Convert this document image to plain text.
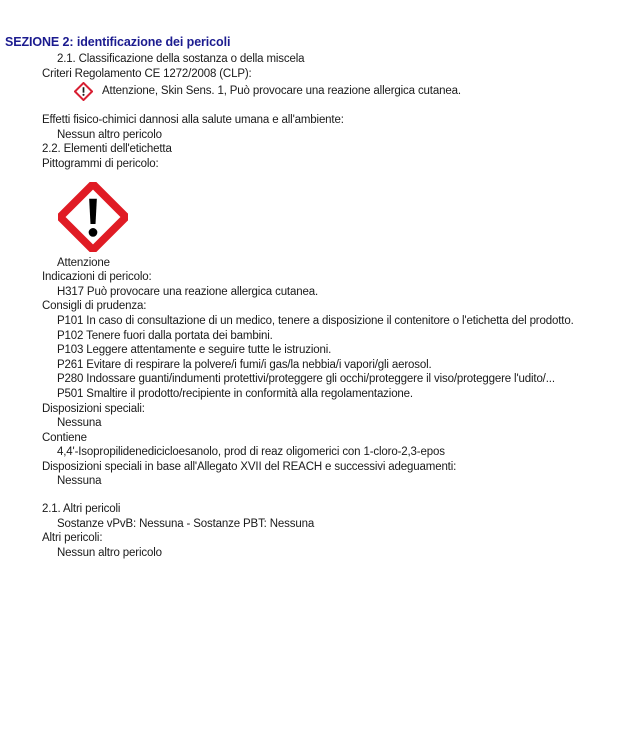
SEZIONE 2: identificazione dei pericoli
2.1. Classificazione della sostanza o della miscela
Criteri Regolamento CE 1272/2008 (CLP):
Attenzione, Skin Sens. 1, Può provocare una reazione allergica cutanea.
Effetti fisico-chimici dannosi alla salute umana e all'ambiente:
Nessun altro pericolo
2.2. Elementi dell'etichetta
Pittogrammi di pericolo:
Attenzione
Indicazioni di pericolo:
H317 Può provocare una reazione allergica cutanea.
Consigli di prudenza:
P101 In caso di consultazione di un medico, tenere a disposizione il contenitore o l'etichetta del prodotto.
P102 Tenere fuori dalla portata dei bambini.
P103 Leggere attentamente e seguire tutte le istruzioni.
P261 Evitare di respirare la polvere/i fumi/i gas/la nebbia/i vapori/gli aerosol.
P280 Indossare guanti/indumenti protettivi/proteggere gli occhi/proteggere il viso/proteggere l'udito/...
P501 Smaltire il prodotto/recipiente in conformità alla regolamentazione.
Disposizioni speciali:
Nessuna
Contiene
4,4'-Isopropilidenedicicloesanolo, prod di reaz oligomerici con 1-cloro-2,3-epos
Disposizioni speciali in base all'Allegato XVII del REACH e successivi adeguamenti:
Nessuna
2.1. Altri pericoli
Sostanze vPvB: Nessuna - Sostanze PBT: Nessuna
Altri pericoli:
Nessun altro pericolo
